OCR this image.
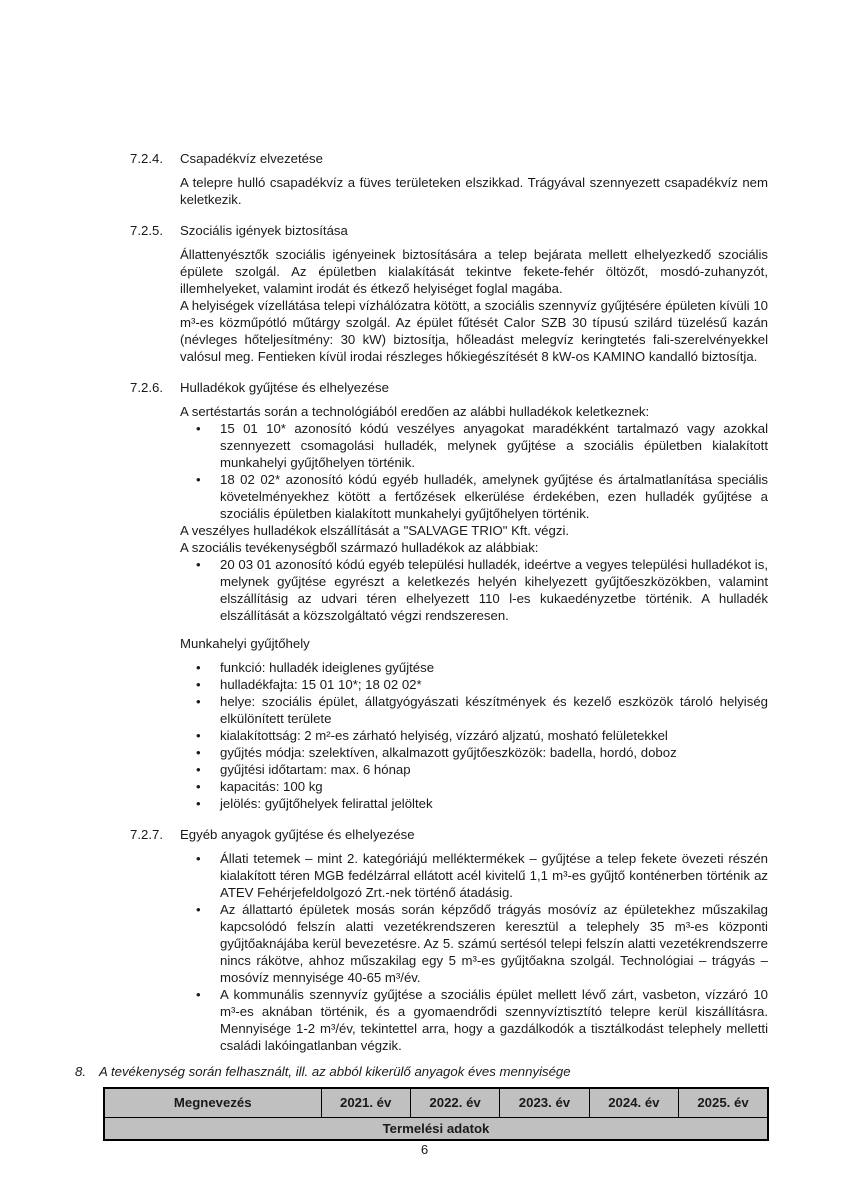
7.2.4.	Csapadékvíz elvezetése

A telepre hulló csapadékvíz a füves területeken elszikkad. Trágyával szennyezett csapadékvíz nem keletkezik.

7.2.5.	Szociális igények biztosítása

Állattenyésztők szociális igényeinek biztosítására a telep bejárata mellett elhelyezkedő szociális épülete szolgál. Az épületben kialakítását tekintve fekete-fehér öltözőt, mosdó-zuhanyzót, illemhelyeket, valamint irodát és étkező helyiséget foglal magába.

A helyiségek vízellátása telepi vízhálózatra kötött, a szociális szennyvíz gyűjtésére épületen kívüli 10 m³-es közműpótló műtárgy szolgál. Az épület fűtését Calor SZB 30 típusú szilárd tüzelésű kazán (névleges hőteljesítmény: 30 kW) biztosítja, hőleadást melegvíz keringtetés fali-szerelvényekkel valósul meg. Fentieken kívül irodai részleges hőkiegészítését 8 kW-os KAMINO kandalló biztosítja.

7.2.6.	Hulladékok gyűjtése és elhelyezése

A sertéstartás során a technológiából eredően az alábbi hulladékok keletkeznek:

• 15 01 10* azonosító kódú veszélyes anyagokat maradékként tartalmazó vagy azokkal szennyezett csomagolási hulladék, melynek gyűjtése a szociális épületben kialakított munkahelyi gyűjtőhelyen történik.
• 18 02 02* azonosító kódú egyéb hulladék, amelynek gyűjtése és ártalmatlanítása speciális követelményekhez kötött a fertőzések elkerülése érdekében, ezen hulladék gyűjtése a szociális épületben kialakított munkahelyi gyűjtőhelyen történik.

A veszélyes hulladékok elszállítását a "SALVAGE TRIO" Kft. végzi.

A szociális tevékenységből származó hulladékok az alábbiak:

• 20 03 01 azonosító kódú egyéb települési hulladék, ideértve a vegyes települési hulladékot is, melynek gyűjtése egyrészt a keletkezés helyén kihelyezett gyűjtőeszközökben, valamint elszállításig az udvari téren elhelyezett 110 l-es kukaedényzetbe történik. A hulladék elszállítását a közszolgáltató végzi rendszeresen.

Munkahelyi gyűjtőhely

• funkció: hulladék ideiglenes gyűjtése
• hulladékfajta: 15 01 10*; 18 02 02*
• helye: szociális épület, állatgyógyászati készítmények és kezelő eszközök tároló helyiség elkülönített területe
• kialakítottság: 2 m²-es zárható helyiség, vízzáró aljzatú, mosható felületekkel
• gyűjtés módja: szelektíven, alkalmazott gyűjtőeszközök: badella, hordó, doboz
• gyűjtési időtartam: max. 6 hónap
• kapacitás: 100 kg
• jelölés: gyűjtőhelyek felirattal jelöltek
7.2.7.	Egyéb anyagok gyűjtése és elhelyezése
• Állati tetemek – mint 2. kategóriájú melléktermékek – gyűjtése a telep fekete övezeti részén kialakított téren MGB fedélzárral ellátott acél kivitelű 1,1 m³-es gyűjtő konténerben történik az ATEV Fehérjefeldolgozó Zrt.-nek történő átadásig.
• Az állattartó épületek mosás során képződő trágyás mosóvíz az épületekhez műszakilag kapcsolódó felszín alatti vezetékrendszeren keresztül a telephely 35 m³-es központi gyűjtőaknájába kerül bevezetésre. Az 5. számú sertésól telepi felszín alatti vezetékrendszerre nincs rákötve, ahhoz műszakilag egy 5 m³-es gyűjtőakna szolgál. Technológiai – trágyás – mosóvíz mennyisége 40-65 m³/év.
• A kommunális szennyvíz gyűjtése a szociális épület mellett lévő zárt, vasbeton, vízzáró 10 m³-es aknában történik, és a gyomaendrődi szennyvíztisztító telepre kerül kiszállításra. Mennyisége 1-2 m³/év, tekintettel arra, hogy a gazdálkodók a tisztálkodást telephely melletti családi lakóingatlanban végzik.
8. A tevékenység során felhasznált, ill. az abból kikerülő anyagok éves mennyisége
Megnevezés	2021. év	2022. év	2023. év	2024. év	2025. év
Termelési adatok
6
